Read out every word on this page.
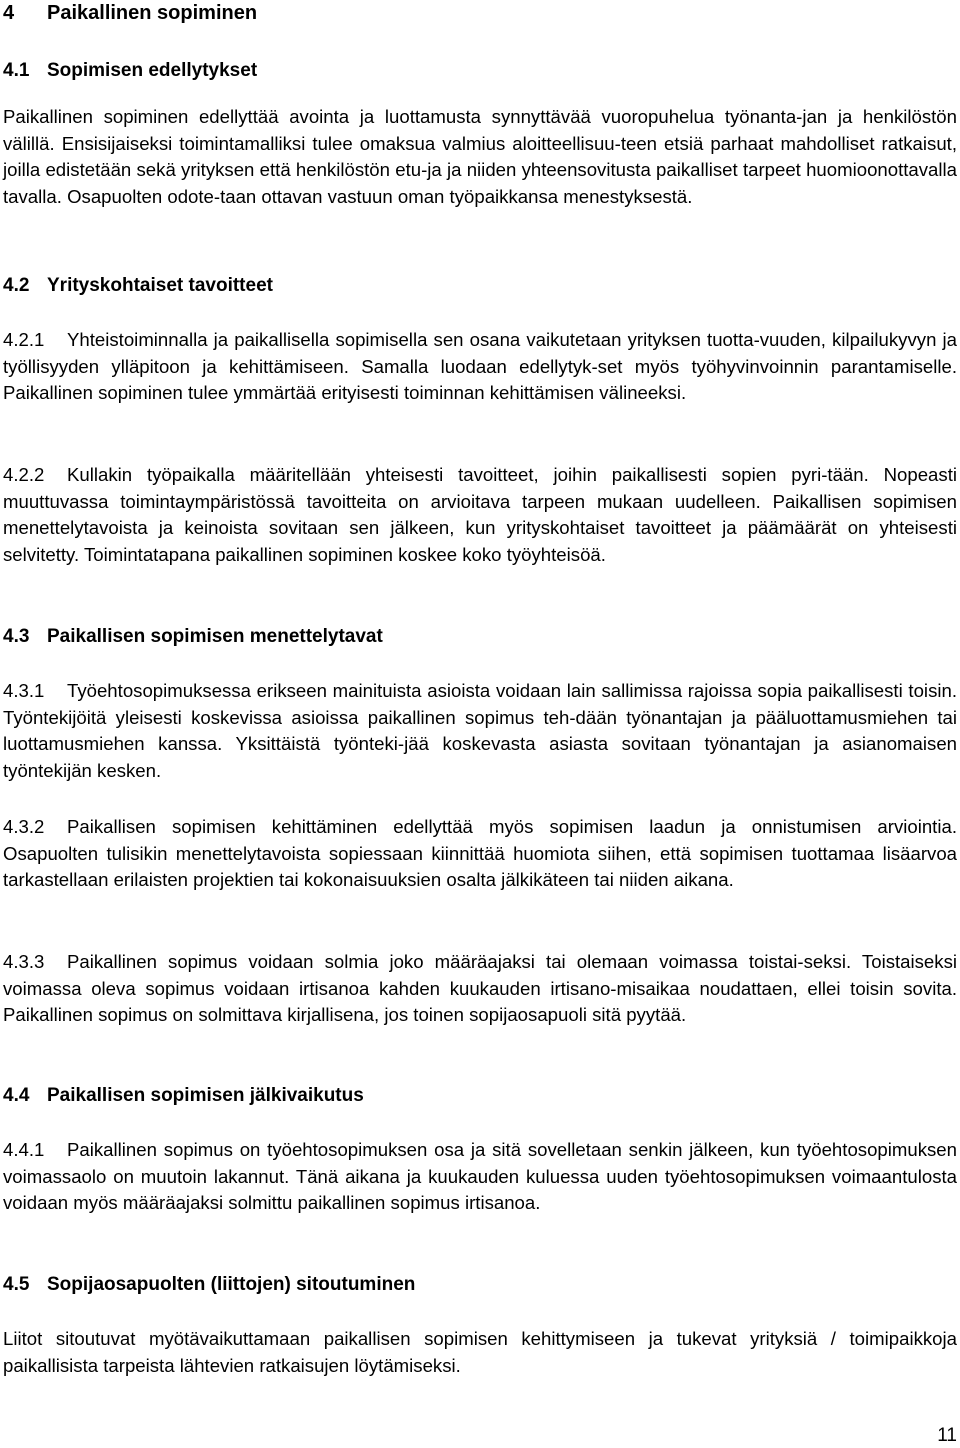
4 Paikallinen sopiminen
4.1 Sopimisen edellytykset

Paikallinen sopiminen edellyttää avointa ja luottamusta synnyttävää vuoropuhelua työnanta-jan ja henkilöstön välillä. Ensisijaiseksi toimintamalliksi tulee omaksua valmius aloitteellisuu-teen etsiä parhaat mahdolliset ratkaisut, joilla edistetään sekä yrityksen että henkilöstön etu-ja ja niiden yhteensovitusta paikalliset tarpeet huomioonottavalla tavalla. Osapuolten odote-taan ottavan vastuun oman työpaikkansa menestyksestä.

4.2 Yrityskohtaiset tavoitteet

4.2.1 Yhteistoiminnalla ja paikallisella sopimisella sen osana vaikutetaan yrityksen tuotta-vuuden, kilpailukyvyn ja työllisyyden ylläpitoon ja kehittämiseen. Samalla luodaan edellytyk-set myös työhyvinvoinnin parantamiselle. Paikallinen sopiminen tulee ymmärtää erityisesti toiminnan kehittämisen välineeksi.

4.2.2 Kullakin työpaikalla määritellään yhteisesti tavoitteet, joihin paikallisesti sopien pyri-tään. Nopeasti muuttuvassa toimintaympäristössä tavoitteita on arvioitava tarpeen mukaan uudelleen. Paikallisen sopimisen menettelytavoista ja keinoista sovitaan sen jälkeen, kun yrityskohtaiset tavoitteet ja päämäärät on yhteisesti selvitetty. Toimintatapana paikallinen sopiminen koskee koko työyhteisöä.

4.3 Paikallisen sopimisen menettelytavat

4.3.1 Työehtosopimuksessa erikseen mainituista asioista voidaan lain sallimissa rajoissa sopia paikallisesti toisin. Työntekijöitä yleisesti koskevissa asioissa paikallinen sopimus teh-dään työnantajan ja pääluottamusmiehen tai luottamusmiehen kanssa. Yksittäistä työnteki-jää koskevasta asiasta sovitaan työnantajan ja asianomaisen työntekijän kesken.

4.3.2 Paikallisen sopimisen kehittäminen edellyttää myös sopimisen laadun ja onnistumisen arviointia. Osapuolten tulisikin menettelytavoista sopiessaan kiinnittää huomiota siihen, että sopimisen tuottamaa lisäarvoa tarkastellaan erilaisten projektien tai kokonaisuuksien osalta jälkikäteen tai niiden aikana.

4.3.3 Paikallinen sopimus voidaan solmia joko määräajaksi tai olemaan voimassa toistai-seksi. Toistaiseksi voimassa oleva sopimus voidaan irtisanoa kahden kuukauden irtisano-misaikaa noudattaen, ellei toisin sovita. Paikallinen sopimus on solmittava kirjallisena, jos toinen sopijaosapuoli sitä pyytää.

4.4 Paikallisen sopimisen jälkivaikutus

4.4.1 Paikallinen sopimus on työehtosopimuksen osa ja sitä sovelletaan senkin jälkeen, kun työehtosopimuksen voimassaolo on muutoin lakannut. Tänä aikana ja kuukauden kuluessa uuden työehtosopimuksen voimaantulosta voidaan myös määräajaksi solmittu paikallinen sopimus irtisanoa.

4.5 Sopijaosapuolten (liittojen) sitoutuminen

Liitot sitoutuvat myötävaikuttamaan paikallisen sopimisen kehittymiseen ja tukevat yrityksiä / toimipaikkoja paikallisista tarpeista lähtevien ratkaisujen löytämiseksi.

11
